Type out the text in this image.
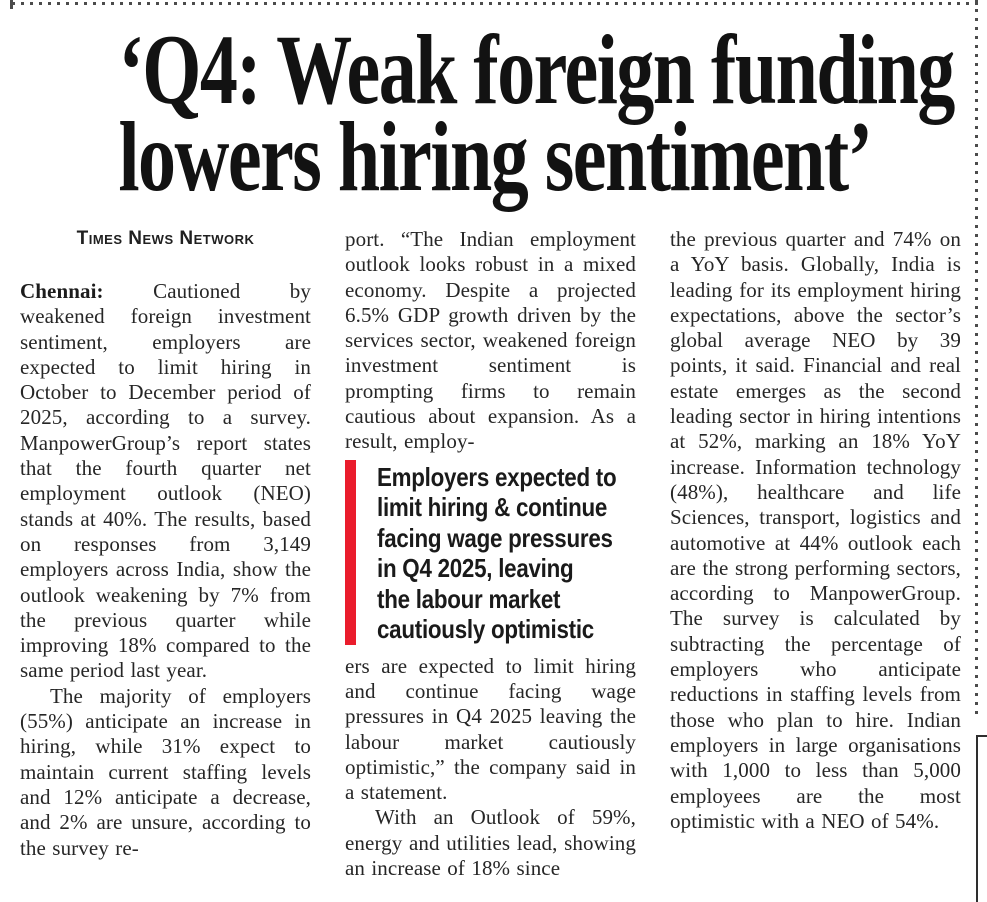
‘Q4: Weak foreign funding
lowers hiring sentiment’
Times News Network

Chennai: Cautioned by weakened foreign investment sentiment, employers are expected to limit hiring in October to December period of 2025, according to a survey. ManpowerGroup’s report states that the fourth quarter net employment outlook (NEO) stands at 40%. The results, based on responses from 3,149 employers across India, show the outlook weakening by 7% from the previous quarter while improving 18% compared to the same period last year.

The majority of employers (55%) anticipate an increase in hiring, while 31% expect to maintain current staffing levels and 12% anticipate a decrease, and 2% are unsure, according to the survey re-

port. “The Indian employment outlook looks robust in a mixed economy. Despite a projected 6.5% GDP growth driven by the services sector, weakened foreign investment sentiment is prompting firms to remain cautious about expansion. As a result, employ-

Employers expected to
limit hiring & continue
facing wage pressures
in Q4 2025, leaving
the labour market
cautiously optimistic

ers are expected to limit hiring and continue facing wage pressures in Q4 2025 leaving the labour market cautiously optimistic,” the company said in a statement.

With an Outlook of 59%, energy and utilities lead, showing an increase of 18% since

the previous quarter and 74% on a YoY basis. Globally, India is leading for its employment hiring expectations, above the sector’s global average NEO by 39 points, it said. Financial and real estate emerges as the second leading sector in hiring intentions at 52%, marking an 18% YoY increase. Information technology (48%), healthcare and life Sciences, transport, logistics and automotive at 44% outlook each are the strong performing sectors, according to ManpowerGroup. The survey is calculated by subtracting the percentage of employers who anticipate reductions in staffing levels from those who plan to hire. Indian employers in large organisations with 1,000 to less than 5,000 employees are the most optimistic with a NEO of 54%.
